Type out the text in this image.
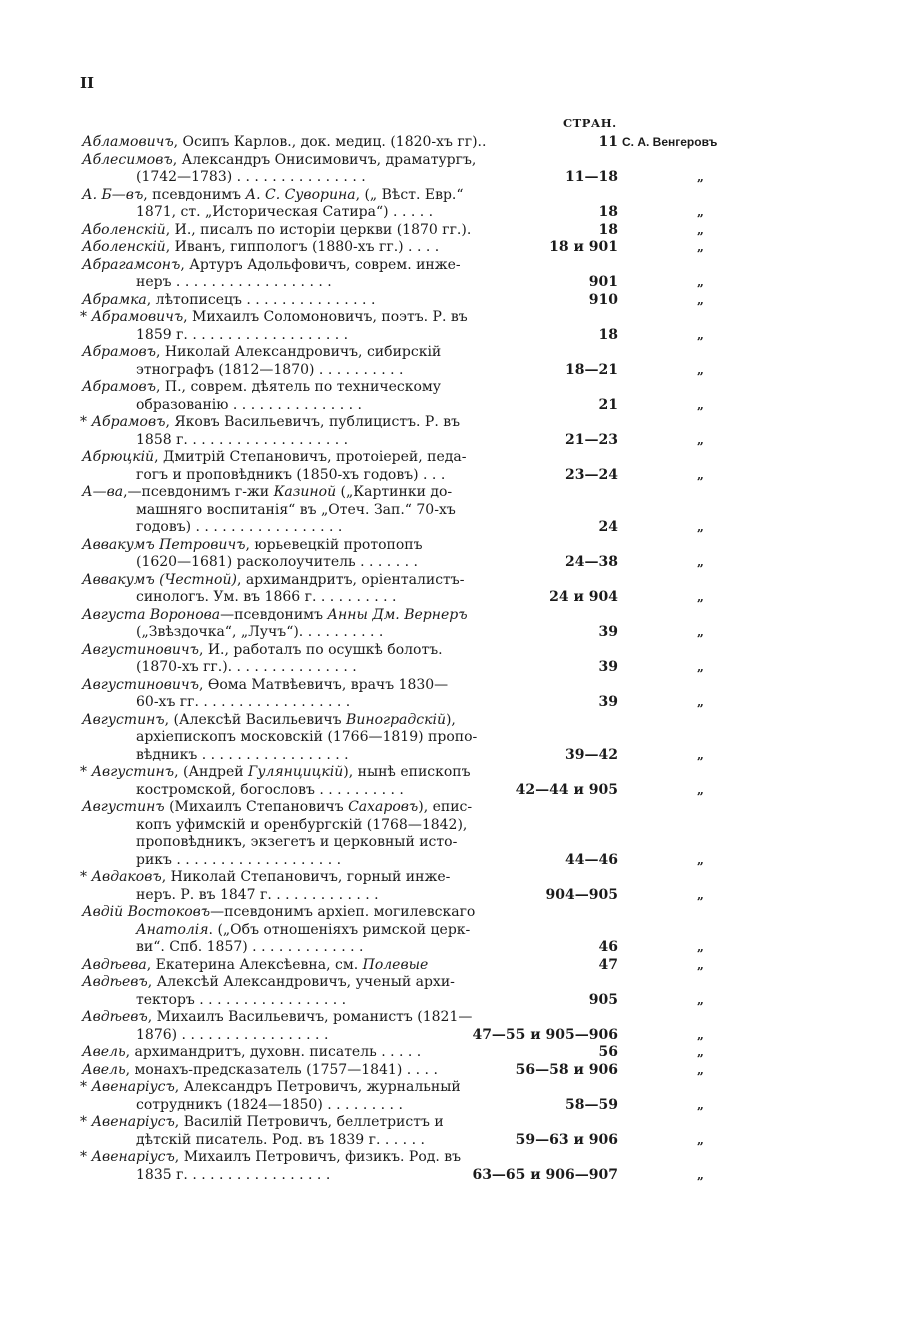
II
СТРАН.
Абламовичъ, Осипъ Карлов., док. медиц. (1820-хъ гг)..	11 С. А. Венгеровъ
Аблесимовъ, Александръ Онисимовичъ, драматургъ,
(1742—1783) . . . . . . . . . . . . . . .	11—18	„
А. Б—въ, псевдонимъ А. С. Суворина, („ Вѣст. Евр.“
1871, ст. „Историческая Сатира“) . . . . .	18	„
Аболенскій, И., писалъ по исторіи церкви (1870 гг.).	18	„
Аболенскій, Иванъ, гиппологъ (1880-хъ гг.) . . . .	18 и 901	„
Абрагамсонъ, Артуръ Адольфовичъ, соврем. инже-
неръ . . . . . . . . . . . . . . . . . .	901	„
Абрамка, лѣтописецъ . . . . . . . . . . . . . . .	910	„
* Абрамовичъ, Михаилъ Соломоновичъ, поэтъ. Р. въ
1859 г. . . . . . . . . . . . . . . . . . .	18	„
Абрамовъ, Николай Александровичъ, сибирскій
этнографъ (1812—1870) . . . . . . . . . .	18—21	„
Абрамовъ, П., соврем. дѣятель по техническому
образованію . . . . . . . . . . . . . . .	21	„
* Абрамовъ, Яковъ Васильевичъ, публицистъ. Р. въ
1858 г. . . . . . . . . . . . . . . . . . .	21—23	„
Абрюцкій, Дмитрій Степановичъ, протоіерей, педа-
гогъ и проповѣдникъ (1850-хъ годовъ) . . .	23—24	„
А—ва,—псевдонимъ г-жи Казиной („Картинки до-
машняго воспитанія“ въ „Отеч. Зап.“ 70-хъ
годовъ) . . . . . . . . . . . . . . . . .	24	„
Аввакумъ Петровичъ, юрьевецкій протопопъ
(1620—1681) расколоучитель . . . . . . .	24—38	„
Аввакумъ (Честной), архимандритъ, оріенталистъ-
синологъ. Ум. въ 1866 г. . . . . . . . . .	24 и 904	„
Августа Воронова—псевдонимъ Анны Дм. Вернеръ
(„Звѣздочка“, „Лучъ“). . . . . . . . . .	39	„
Августиновичъ, И., работалъ по осушкѣ болотъ.
(1870-хъ гг.). . . . . . . . . . . . . . .	39	„
Августиновичъ, Ѳома Матвѣевичъ, врачъ 1830—
60-хъ гг. . . . . . . . . . . . . . . . . .	39	„
Августинъ, (Алексѣй Васильевичъ Виноградскій),
архіепископъ московскій (1766—1819) пропо-
вѣдникъ . . . . . . . . . . . . . . . . .	39—42	„
* Августинъ, (Андрей Гулянцицкій), нынѣ епископъ
костромской, богословъ . . . . . . . . . .	42—44 и 905	„
Августинъ (Михаилъ Степановичъ Сахаровъ), епис-
копъ уфимскій и оренбургскій (1768—1842),
проповѣдникъ, экзегетъ и церковный исто-
рикъ . . . . . . . . . . . . . . . . . . .	44—46	„
* Авдаковъ, Николай Степановичъ, горный инже-
неръ. Р. въ 1847 г. . . . . . . . . . . . .	904—905	„
Авдій Востоковъ—псевдонимъ архіеп. могилевскаго
Анатолія. („Объ отношеніяхъ римской церк-
ви“. Спб. 1857) . . . . . . . . . . . . .	46	„
Авдѣева, Екатерина Алексѣевна, см. Полевые	47	„
Авдѣевъ, Алексѣй Александровичъ, ученый архи-
текторъ . . . . . . . . . . . . . . . . .	905	„
Авдѣевъ, Михаилъ Васильевичъ, романистъ (1821—
1876) . . . . . . . . . . . . . . . . .	47—55 и 905—906	„
Авель, архимандритъ, духовн. писатель . . . . .	56	„
Авель, монахъ-предсказатель (1757—1841) . . . .	56—58 и 906	„
* Авенаріусъ, Александръ Петровичъ, журнальный
сотрудникъ (1824—1850) . . . . . . . . .	58—59	„
* Авенаріусъ, Василій Петровичъ, беллетристъ и
дѣтскій писатель. Род. въ 1839 г. . . . . .	59—63 и 906	„
* Авенаріусъ, Михаилъ Петровичъ, физикъ. Род. въ
1835 г. . . . . . . . . . . . . . . . .	63—65 и 906—907	„
